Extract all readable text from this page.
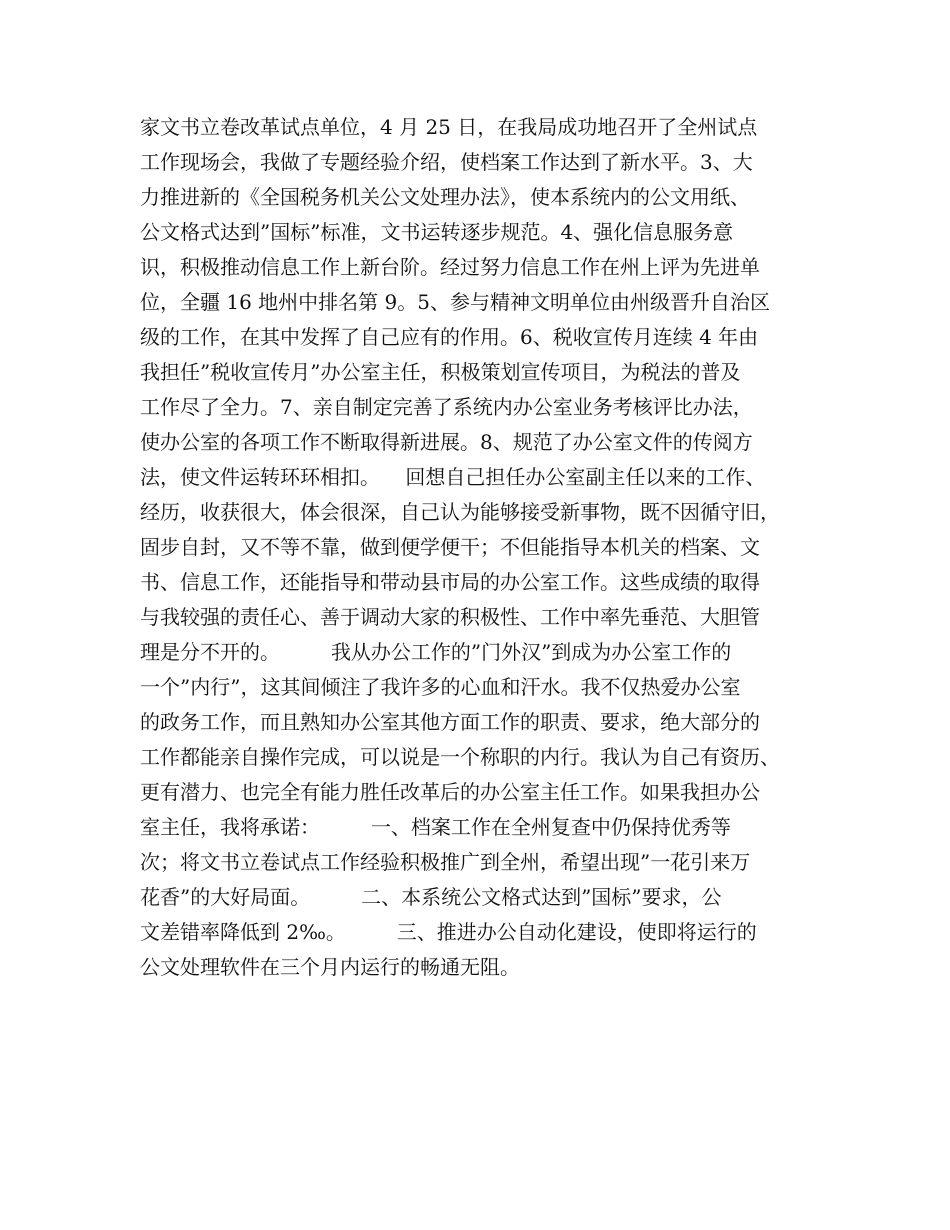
家文书立卷改革试点单位，4 月 25 日，在我局成功地召开了全州试点
工作现场会，我做了专题经验介绍，使档案工作达到了新水平。3、大
力推进新的《全国税务机关公文处理办法》，使本系统内的公文用纸、
公文格式达到”国标”标准，文书运转逐步规范。4、强化信息服务意
识，积极推动信息工作上新台阶。经过努力信息工作在州上评为先进单
位，全疆 16 地州中排名第 9。5、参与精神文明单位由州级晋升自治区
级的工作，在其中发挥了自己应有的作用。6、税收宣传月连续 4 年由
我担任”税收宣传月”办公室主任，积极策划宣传项目，为税法的普及
工作尽了全力。7、亲自制定完善了系统内办公室业务考核评比办法，
使办公室的各项工作不断取得新进展。8、规范了办公室文件的传阅方
法，使文件运转环环相扣。    回想自己担任办公室副主任以来的工作、
经历，收获很大，体会很深，自己认为能够接受新事物，既不因循守旧，
固步自封，又不等不靠，做到便学便干；不但能指导本机关的档案、文
书、信息工作，还能指导和带动县市局的办公室工作。这些成绩的取得
与我较强的责任心、善于调动大家的积极性、工作中率先垂范、大胆管
理是分不开的。        我从办公工作的”门外汉”到成为办公室工作的
一个”内行”，这其间倾注了我许多的心血和汗水。我不仅热爱办公室
的政务工作，而且熟知办公室其他方面工作的职责、要求，绝大部分的
工作都能亲自操作完成，可以说是一个称职的内行。我认为自己有资历、
更有潜力、也完全有能力胜任改革后的办公室主任工作。如果我担办公
室主任，我将承诺：        一、档案工作在全州复查中仍保持优秀等
次；将文书立卷试点工作经验积极推广到全州，希望出现”一花引来万
花香”的大好局面。        二、本系统公文格式达到”国标”要求，公
文差错率降低到 2‰。        三、推进办公自动化建设，使即将运行的
公文处理软件在三个月内运行的畅通无阻。
